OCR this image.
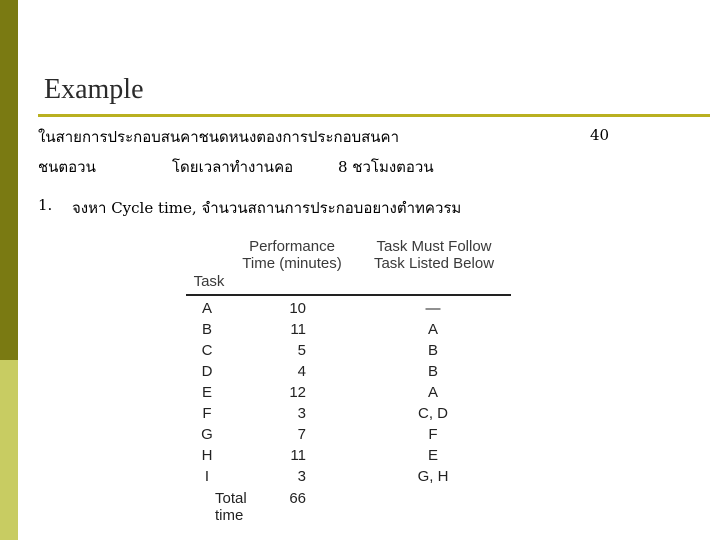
Example
ในสายการประกอบสนคาชนดหนงตองการประกอบสนคา	40
ชนตอวน	โดยเวลาทำงานคอ	8 ชวโมงตอวน
1. จงหา Cycle time, จำนวนสถานการประกอบอยางตำทควรม
Task
Performance Time (minutes)
Task Must Follow Task Listed Below
A	10	—
B	11	A
C	5	B
D	4	B
E	12	A
F	3	C, D
G	7	F
H	11	E
I	3	G, H
Total time
66
